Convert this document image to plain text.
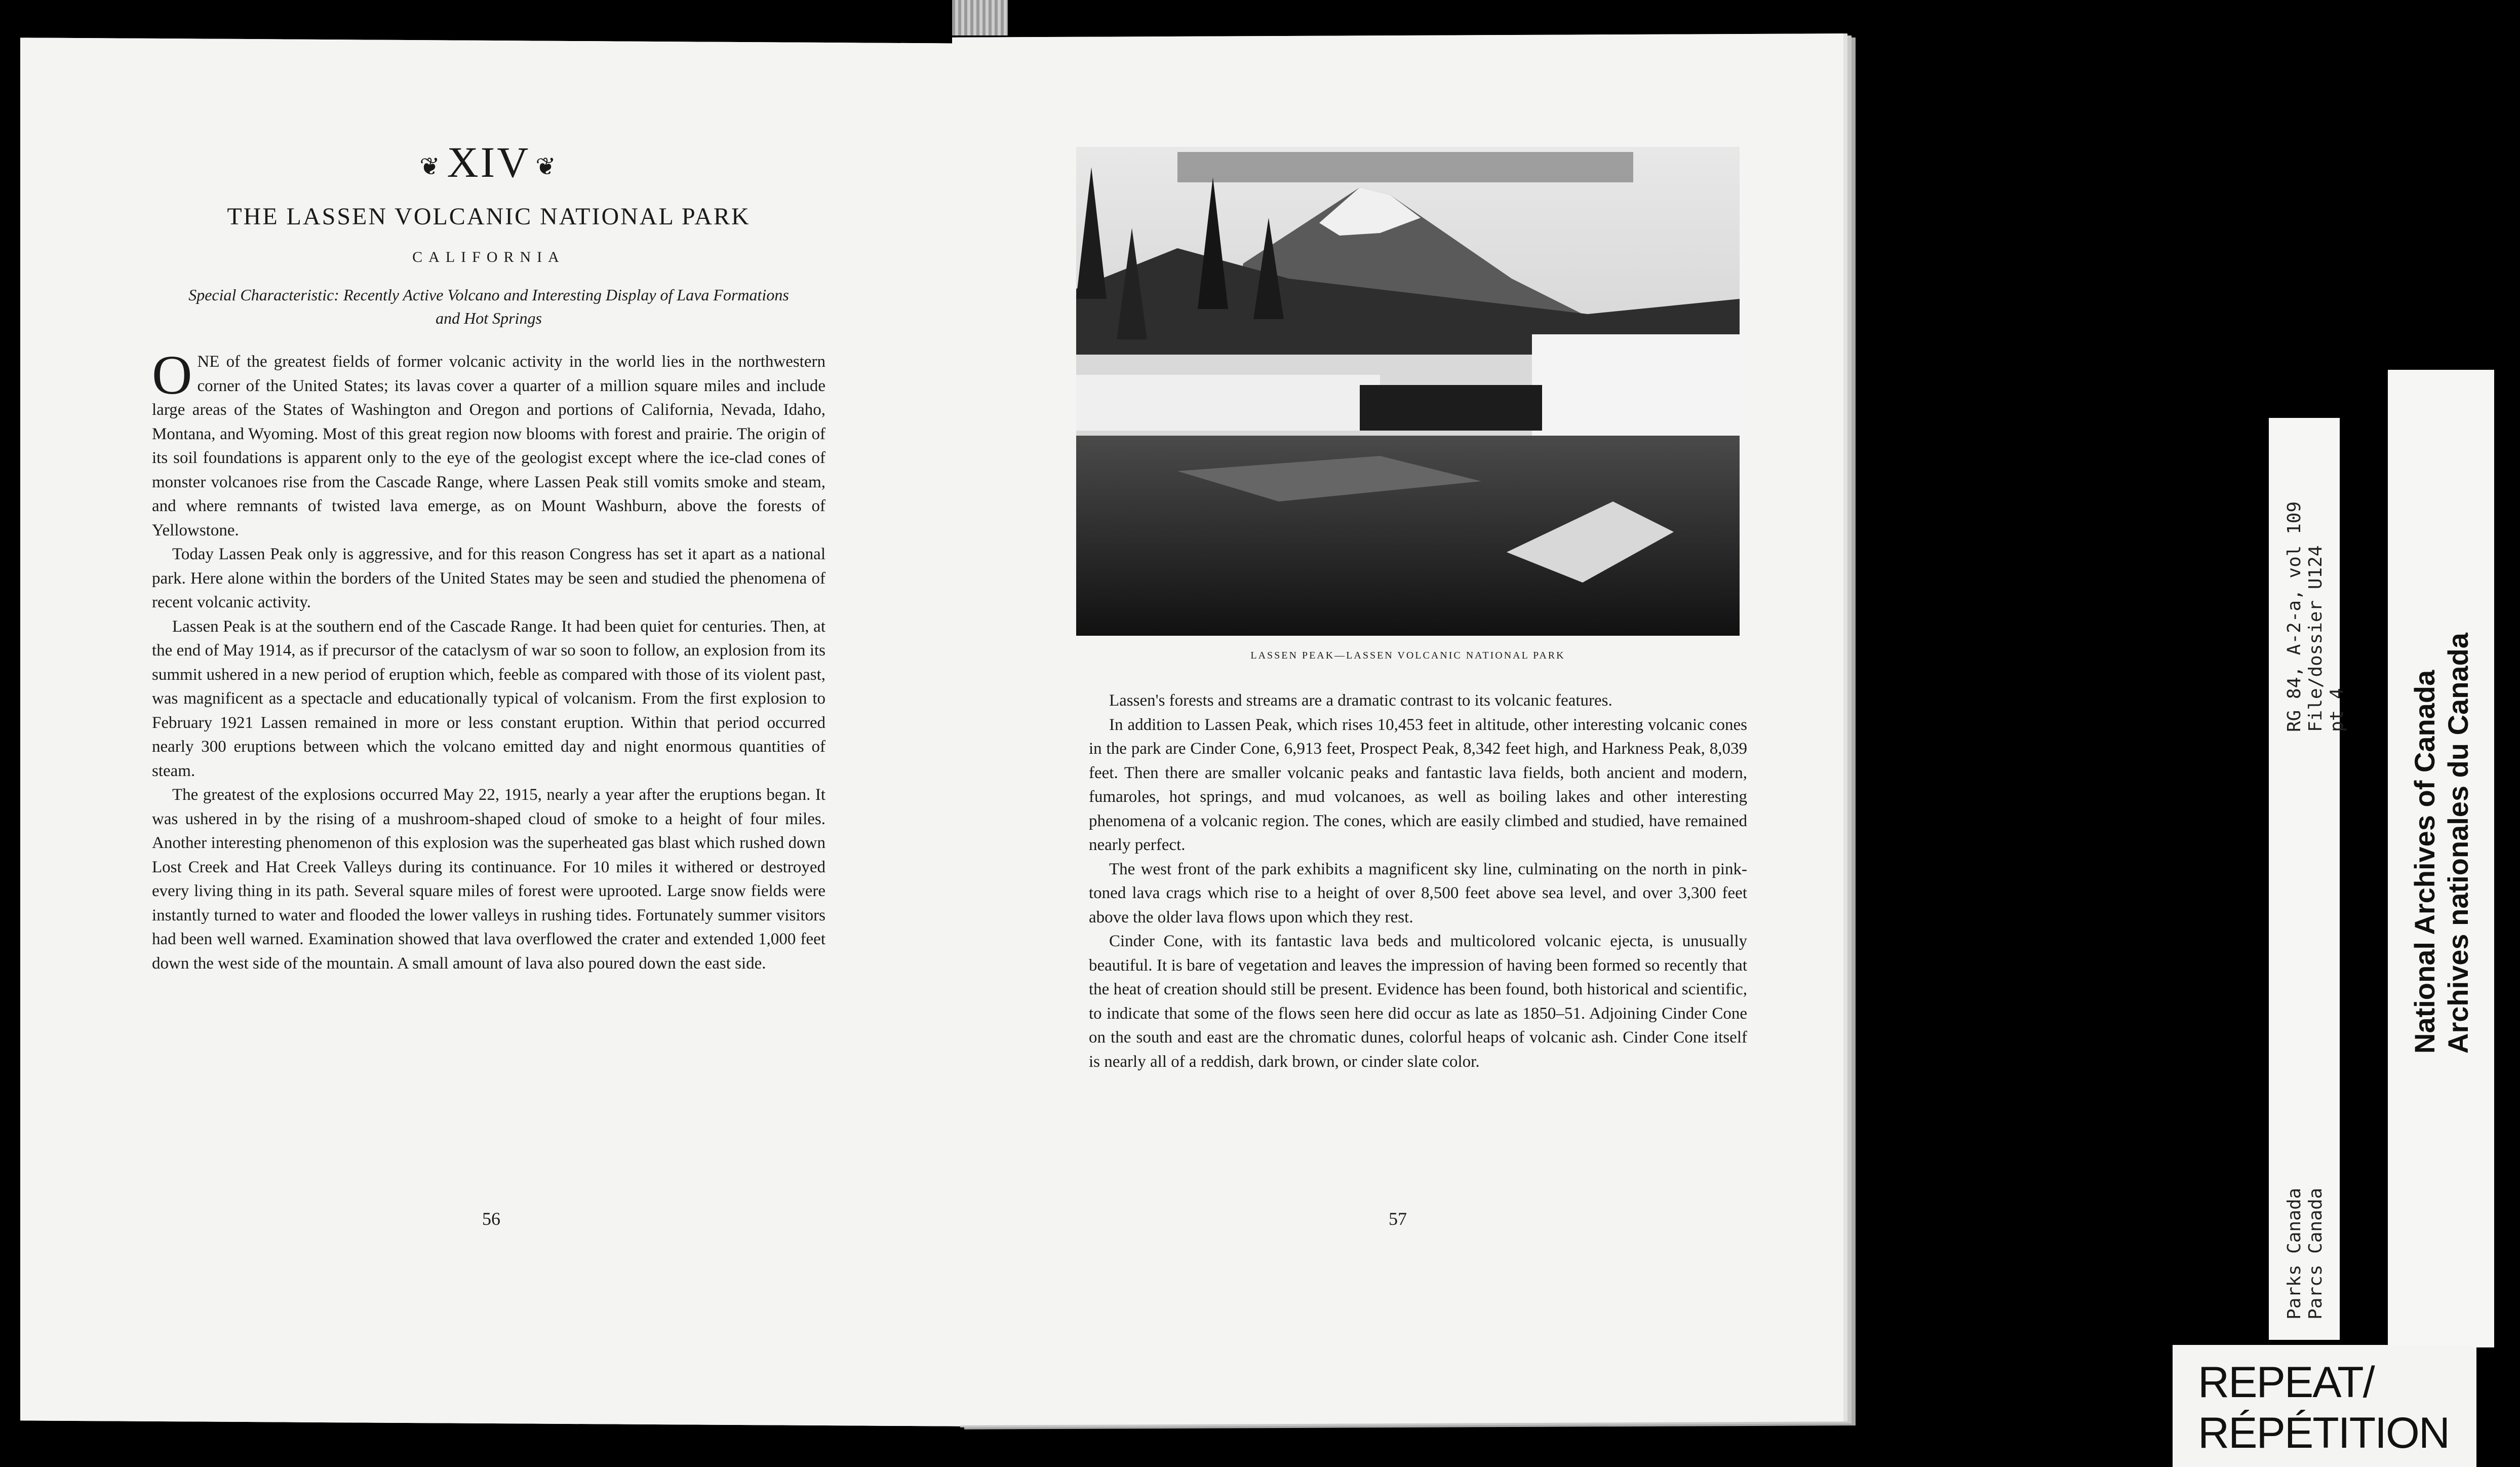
❦ XIV ❦
THE LASSEN VOLCANIC NATIONAL PARK
CALIFORNIA
Special Characteristic: Recently Active Volcano and Interesting Display of Lava Formations and Hot Springs

ONE of the greatest fields of former volcanic activity in the world lies in the northwestern corner of the United States; its lavas cover a quarter of a million square miles and include large areas of the States of Washington and Oregon and portions of California, Nevada, Idaho, Montana, and Wyoming. Most of this great region now blooms with forest and prairie. The origin of its soil foundations is apparent only to the eye of the geologist except where the ice-clad cones of monster volcanoes rise from the Cascade Range, where Lassen Peak still vomits smoke and steam, and where remnants of twisted lava emerge, as on Mount Washburn, above the forests of Yellowstone.

Today Lassen Peak only is aggressive, and for this reason Congress has set it apart as a national park. Here alone within the borders of the United States may be seen and studied the phenomena of recent volcanic activity.

Lassen Peak is at the southern end of the Cascade Range. It had been quiet for centuries. Then, at the end of May 1914, as if precursor of the cataclysm of war so soon to follow, an explosion from its summit ushered in a new period of eruption which, feeble as compared with those of its violent past, was magnificent as a spectacle and educationally typical of volcanism. From the first explosion to February 1921 Lassen remained in more or less constant eruption. Within that period occurred nearly 300 eruptions between which the volcano emitted day and night enormous quantities of steam.

The greatest of the explosions occurred May 22, 1915, nearly a year after the eruptions began. It was ushered in by the rising of a mushroom-shaped cloud of smoke to a height of four miles. Another interesting phenomenon of this explosion was the superheated gas blast which rushed down Lost Creek and Hat Creek Valleys during its continuance. For 10 miles it withered or destroyed every living thing in its path. Several square miles of forest were uprooted. Large snow fields were instantly turned to water and flooded the lower valleys in rushing tides. Fortunately summer visitors had been well warned. Examination showed that lava overflowed the crater and extended 1,000 feet down the west side of the mountain. A small amount of lava also poured down the east side.

56
LASSEN PEAK—LASSEN VOLCANIC NATIONAL PARK

Lassen's forests and streams are a dramatic contrast to its volcanic features.

In addition to Lassen Peak, which rises 10,453 feet in altitude, other interesting volcanic cones in the park are Cinder Cone, 6,913 feet, Prospect Peak, 8,342 feet high, and Harkness Peak, 8,039 feet. Then there are smaller volcanic peaks and fantastic lava fields, both ancient and modern, fumaroles, hot springs, and mud volcanoes, as well as boiling lakes and other interesting phenomena of a volcanic region. The cones, which are easily climbed and studied, have remained nearly perfect.

The west front of the park exhibits a magnificent sky line, culminating on the north in pink-toned lava crags which rise to a height of over 8,500 feet above sea level, and over 3,300 feet above the older lava flows upon which they rest.

Cinder Cone, with its fantastic lava beds and multicolored volcanic ejecta, is unusually beautiful. It is bare of vegetation and leaves the impression of having been formed so recently that the heat of creation should still be present. Evidence has been found, both historical and scientific, to indicate that some of the flows seen here did occur as late as 1850–51. Adjoining Cinder Cone on the south and east are the chromatic dunes, colorful heaps of volcanic ash. Cinder Cone itself is nearly all of a reddish, dark brown, or cinder slate color.

57	Parks Canada Parcs Canada
RG 84, A-2-a, vol 109 File/dossier U124 pt 4 National Archives of Canada Archives nationales du Canada
REPEAT/
RÉPÉTITION
